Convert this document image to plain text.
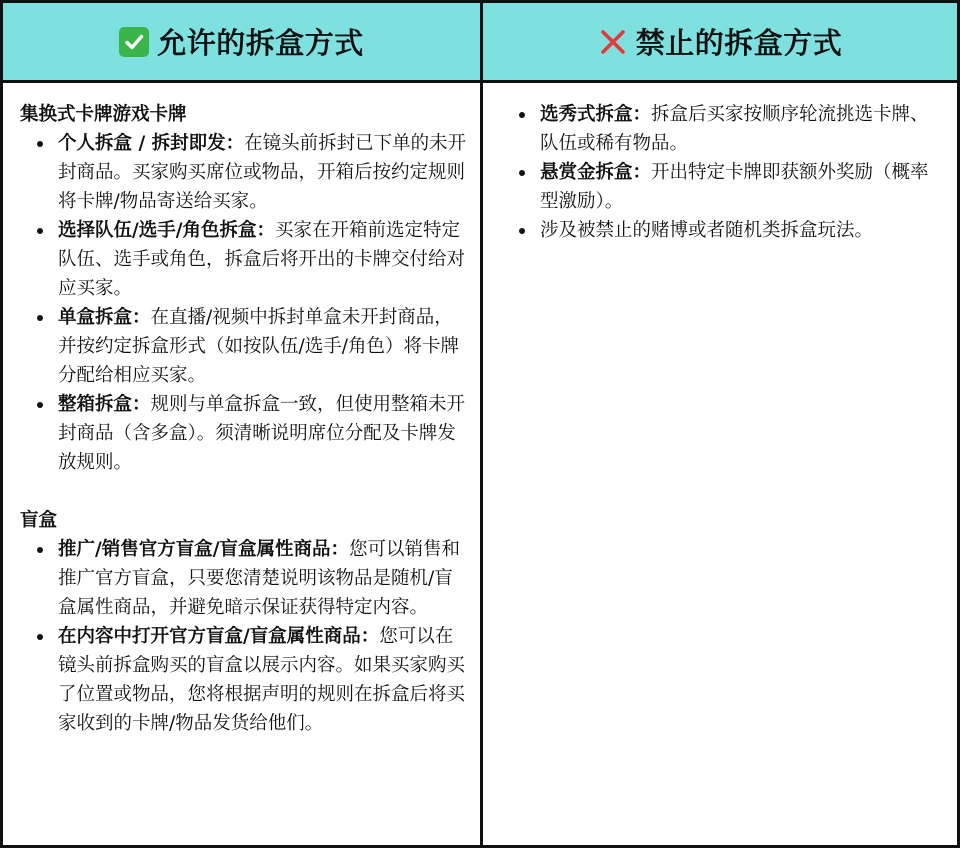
允许的拆盒方式	禁止的拆盒方式
集换式卡牌游戏卡牌
个人拆盒 / 拆封即发：在镜头前拆封已下单的未开封商品。买家购买席位或物品，开箱后按约定规则将卡牌/物品寄送给买家。
选择队伍/选手/角色拆盒：买家在开箱前选定特定队伍、选手或角色，拆盒后将开出的卡牌交付给对应买家。
单盒拆盒：在直播/视频中拆封单盒未开封商品，并按约定拆盒形式（如按队伍/选手/角色）将卡牌分配给相应买家。
整箱拆盒：规则与单盒拆盒一致，但使用整箱未开封商品（含多盒）。须清晰说明席位分配及卡牌发放规则。
盲盒
推广/销售官方盲盒/盲盒属性商品：您可以销售和推广官方盲盒，只要您清楚说明该物品是随机/盲盒属性商品，并避免暗示保证获得特定内容。
在内容中打开官方盲盒/盲盒属性商品：您可以在镜头前拆盒购买的盲盒以展示内容。如果买家购买了位置或物品，您将根据声明的规则在拆盒后将买家收到的卡牌/物品发货给他们。
选秀式拆盒：拆盒后买家按顺序轮流挑选卡牌、队伍或稀有物品。
悬赏金拆盒：开出特定卡牌即获额外奖励（概率型激励）。
涉及被禁止的赌博或者随机类拆盒玩法。
